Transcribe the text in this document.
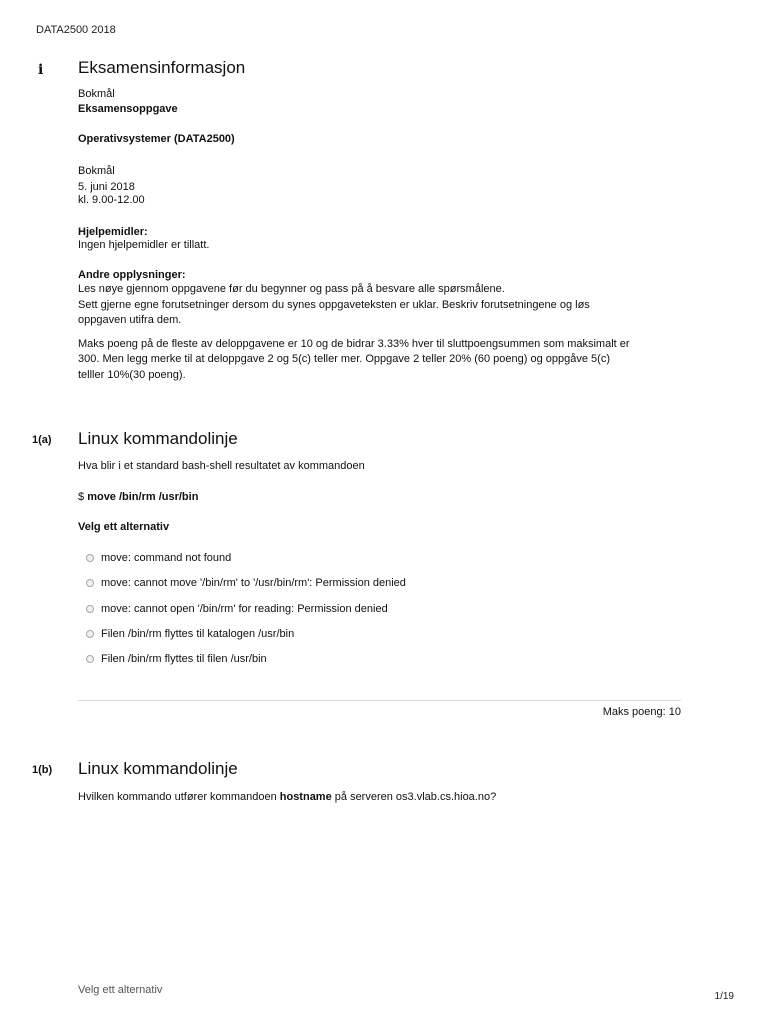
DATA2500 2018
i Eksamensinformasjon
Bokmål
Eksamensoppgave
Operativsystemer (DATA2500)
Bokmål
5. juni 2018
kl. 9.00-12.00
Hjelpemidler:
Ingen hjelpemidler er tillatt.
Andre opplysninger:
Les nøye gjennom oppgavene før du begynner og pass på å besvare alle spørsmålene.
Sett gjerne egne forutsetninger dersom du synes oppgaveteksten er uklar. Beskriv forutsetningene og løs
oppgaven utifra dem.
Maks poeng på de fleste av deloppgavene er 10 og de bidrar 3.33% hver til sluttpoengsummen som maksimalt er
300. Men legg merke til at deloppgave 2 og 5(c) teller mer. Oppgave 2 teller 20% (60 poeng) og oppgåve 5(c)
telller 10%(30 poeng).
1(a) Linux kommandolinje
Hva blir i et standard bash-shell resultatet av kommandoen
$ move /bin/rm /usr/bin
Velg ett alternativ
move: command not found
move: cannot move '/bin/rm' to '/usr/bin/rm': Permission denied
move: cannot open '/bin/rm' for reading: Permission denied
Filen /bin/rm flyttes til katalogen /usr/bin
Filen /bin/rm flyttes til filen /usr/bin
Maks poeng: 10
1(b) Linux kommandolinje
Hvilken kommando utfører kommandoen hostname på serveren os3.vlab.cs.hioa.no?
Velg ett alternativ
1/19
